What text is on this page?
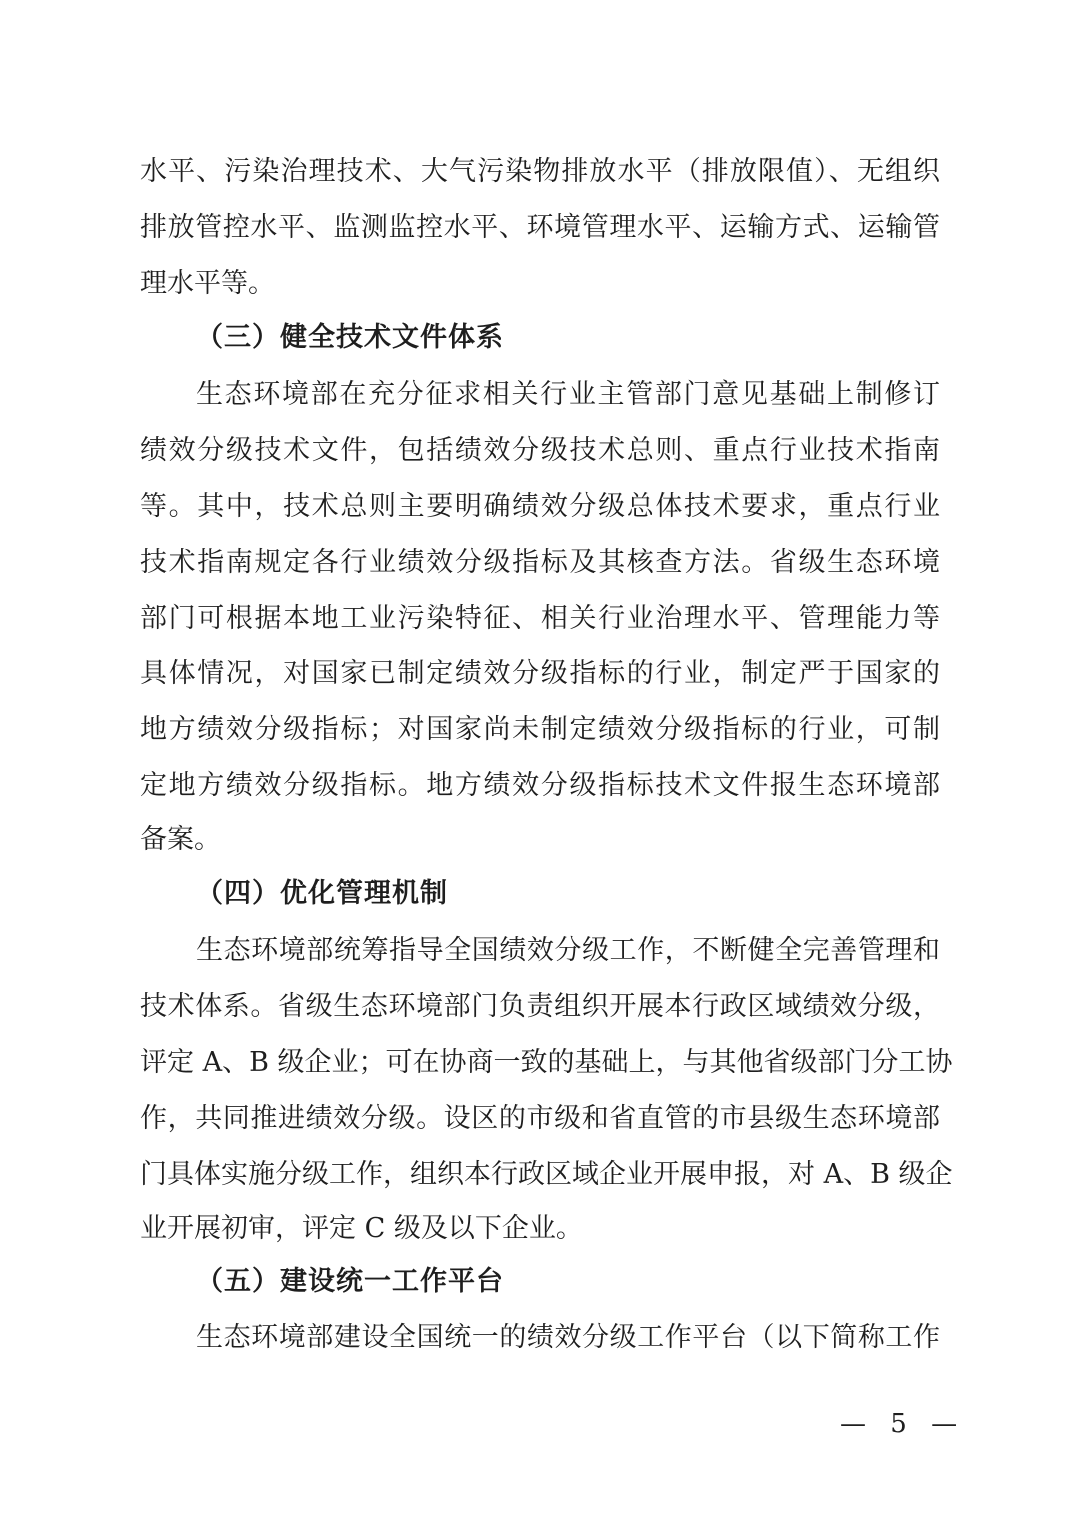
水平、污染治理技术、大气污染物排放水平（排放限值）、无组织
排放管控水平、监测监控水平、环境管理水平、运输方式、运输管
理水平等。
（三）健全技术文件体系
生态环境部在充分征求相关行业主管部门意见基础上制修订
绩效分级技术文件，包括绩效分级技术总则、重点行业技术指南
等。其中，技术总则主要明确绩效分级总体技术要求，重点行业
技术指南规定各行业绩效分级指标及其核查方法。省级生态环境
部门可根据本地工业污染特征、相关行业治理水平、管理能力等
具体情况，对国家已制定绩效分级指标的行业，制定严于国家的
地方绩效分级指标；对国家尚未制定绩效分级指标的行业，可制
定地方绩效分级指标。地方绩效分级指标技术文件报生态环境部
备案。
（四）优化管理机制
生态环境部统筹指导全国绩效分级工作，不断健全完善管理和
技术体系。省级生态环境部门负责组织开展本行政区域绩效分级，
评定 A、B 级企业；可在协商一致的基础上，与其他省级部门分工协
作，共同推进绩效分级。设区的市级和省直管的市县级生态环境部
门具体实施分级工作，组织本行政区域企业开展申报，对 A、B 级企
业开展初审，评定 C 级及以下企业。
（五）建设统一工作平台
生态环境部建设全国统一的绩效分级工作平台（以下简称工作
— 5 —
